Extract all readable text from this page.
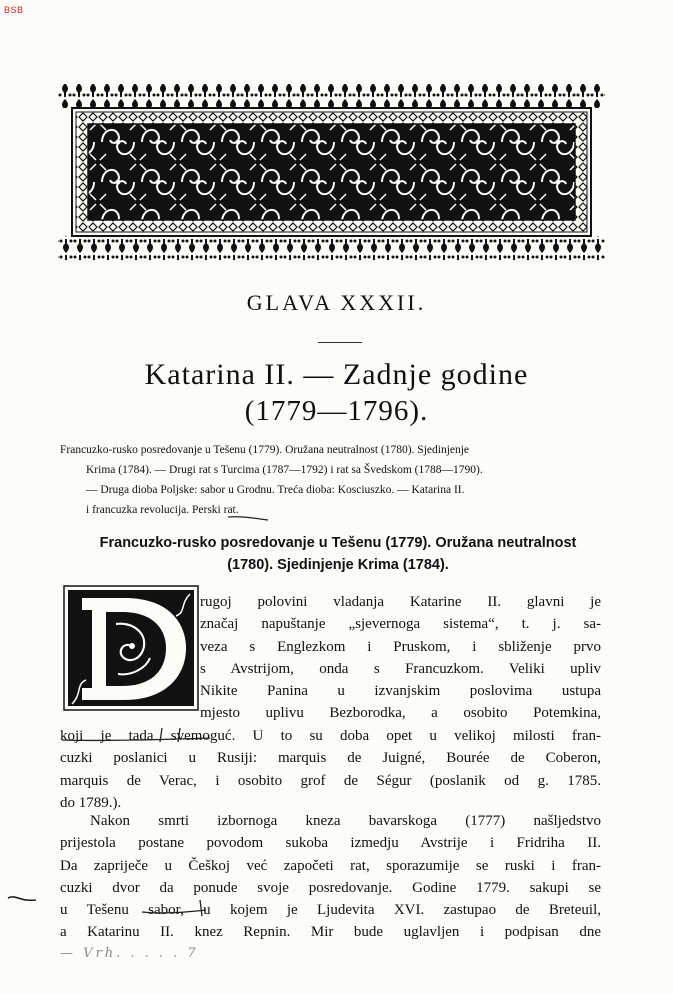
BSB
GLAVA XXXII.
Katarina II. — Zadnje godine
(1779—1796).
Francuzko-rusko posredovanje u Tešenu (1779). Oružana neutralnost (1780). Sjedinjenje
Krima (1784). — Drugi rat s Turcima (1787—1792) i rat sa Švedskom (1788—1790).
— Druga dioba Poljske: sabor u Grodnu. Treća dioba: Kosciuszko. — Katarina II.
i francuzka revolucija. Perski rat.
Francuzko-rusko posredovanje u Tešenu (1779). Oružana neutralnost
(1780). Sjedinjenje Krima (1784).
rugoj polovini vladanja Katarine II. glavni je
značaj napuštanje „sjevernoga sistema“, t. j. sa-
veza s Englezkom i Pruskom, i sbliženje prvo
s Avstrijom, onda s Francuzkom. Veliki upliv
Nikite Panina u izvanjskim poslovima ustupa
mjesto uplivu Bezborodka, a osobito Potemkina,
koji je tada svemoguć. U to su doba opet u velikoj milosti fran-
cuzki poslanici u Rusiji: marquis de Juigné, Bourée de Coberon,
marquis de Verac, i osobito grof de Ségur (poslanik od g. 1785.
do 1789.).
Nakon smrti izbornoga kneza bavarskoga (1777) našljedstvo
prijestola postane povodom sukoba izmedju Avstrije i Fridriha II.
Da zapriječe u Češkoj već započeti rat, sporazumije se ruski i fran-
cuzki dvor da ponude svoje posredovanje. Godine 1779. sakupi se
u Tešenu sabor, u kojem je Ljudevita XVI. zastupao de Breteuil,
a Katarinu II. knez Repnin. Mir bude uglavljen i podpisan dne
— Vrh. . . . . 7
